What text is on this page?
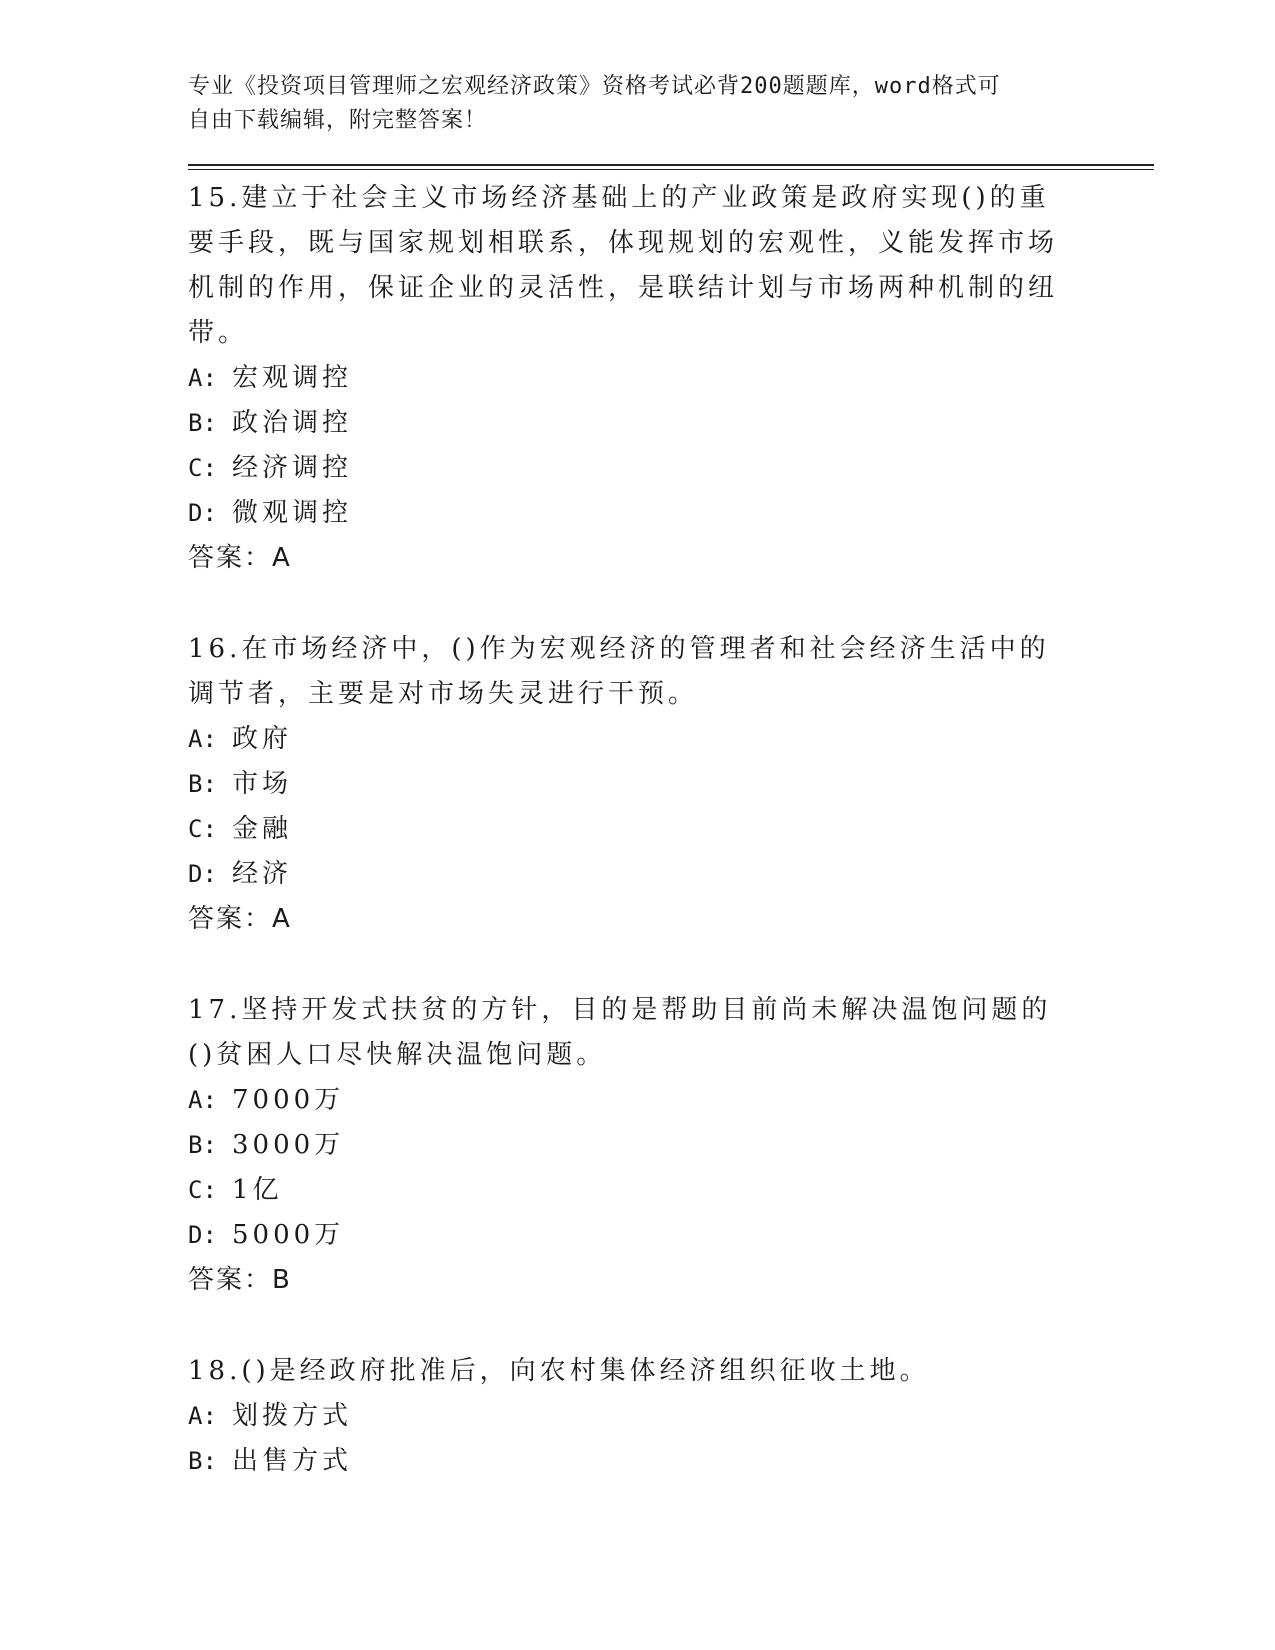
专业《投资项目管理师之宏观经济政策》资格考试必背200题题库，word格式可
自由下载编辑，附完整答案！
15.建立于社会主义市场经济基础上的产业政策是政府实现()的重要手段，既与国家规划相联系，体现规划的宏观性，义能发挥市场机制的作用，保证企业的灵活性，是联结计划与市场两种机制的纽带。
A: 宏观调控
B: 政治调控
C: 经济调控
D: 微观调控
答案：A
16.在市场经济中，()作为宏观经济的管理者和社会经济生活中的调节者，主要是对市场失灵进行干预。
A: 政府
B: 市场
C: 金融
D: 经济
答案：A
17.坚持开发式扶贫的方针，目的是帮助目前尚未解决温饱问题的()贫困人口尽快解决温饱问题。
A: 7000万
B: 3000万
C: 1亿
D: 5000万
答案：B
18.()是经政府批准后，向农村集体经济组织征收土地。
A: 划拨方式
B: 出售方式
